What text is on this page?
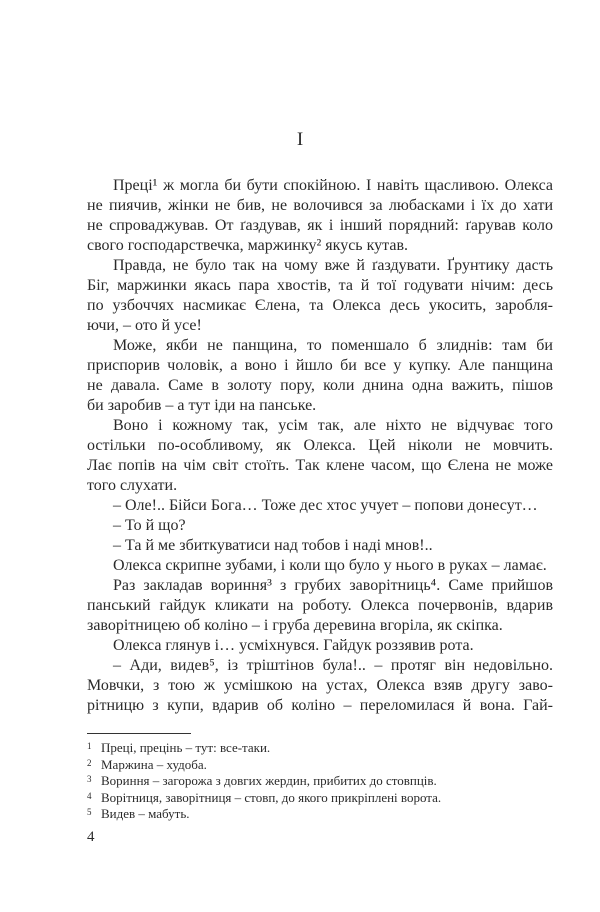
I
Преці¹ ж могла би бути спокійною. І навіть щасливою. Олекса
не пиячив, жінки не бив, не волочився за любасками і їх до хати
не спроваджував. От ґаздував, як і інший порядний: ґарував коло
свого господарствечка, маржинку² якусь кутав.
Правда, не було так на чому вже й ґаздувати. Ґрунтику дасть
Біг, маржинки якась пара хвостів, та й тої годувати нічим: десь
по узбоччях насмикає Єлена, та Олекса десь укосить, заробля-
ючи, – ото й усе!
Може, якби не панщина, то поменшало б злиднів: там би
приспорив чоловік, а воно і йшло би все у купку. Але панщина
не давала. Саме в золоту пору, коли днина одна важить, пішов
би заробив – а тут іди на панське.
Воно і кожному так, усім так, але ніхто не відчуває того
остільки по-особливому, як Олекса. Цей ніколи не мовчить.
Лає попів на чім світ стоїть. Так клене часом, що Єлена не може
того слухати.
– Оле!.. Бійси Бога… Тоже дес хтос учует – попови донесут…
– То й що?
– Та й ме збиткуватиси над тобов і наді мнов!..
Олекса скрипне зубами, і коли що було у нього в руках – ламає.
Раз закладав вориння³ з грубих заворітниць⁴. Саме прийшов
панський гайдук кликати на роботу. Олекса почервонів, вдарив
заворітницею об коліно – і груба деревина вгоріла, як скіпка.
Олекса глянув і… усміхнувся. Гайдук роззявив рота.
– Ади, видев⁵, із тріштінов була!.. – протяг він недовільно.
Мовчки, з тою ж усмішкою на устах, Олекса взяв другу заво-
рітницю з купи, вдарив об коліно – переломилася й вона. Гай-
1 Преці, прецінь – тут: все-таки.
2 Маржина – худоба.
3 Вориння – загорожа з довгих жердин, прибитих до стовпців.
4 Ворітниця, заворітниця – стовп, до якого прикріплені ворота.
5 Видев – мабуть.
4
